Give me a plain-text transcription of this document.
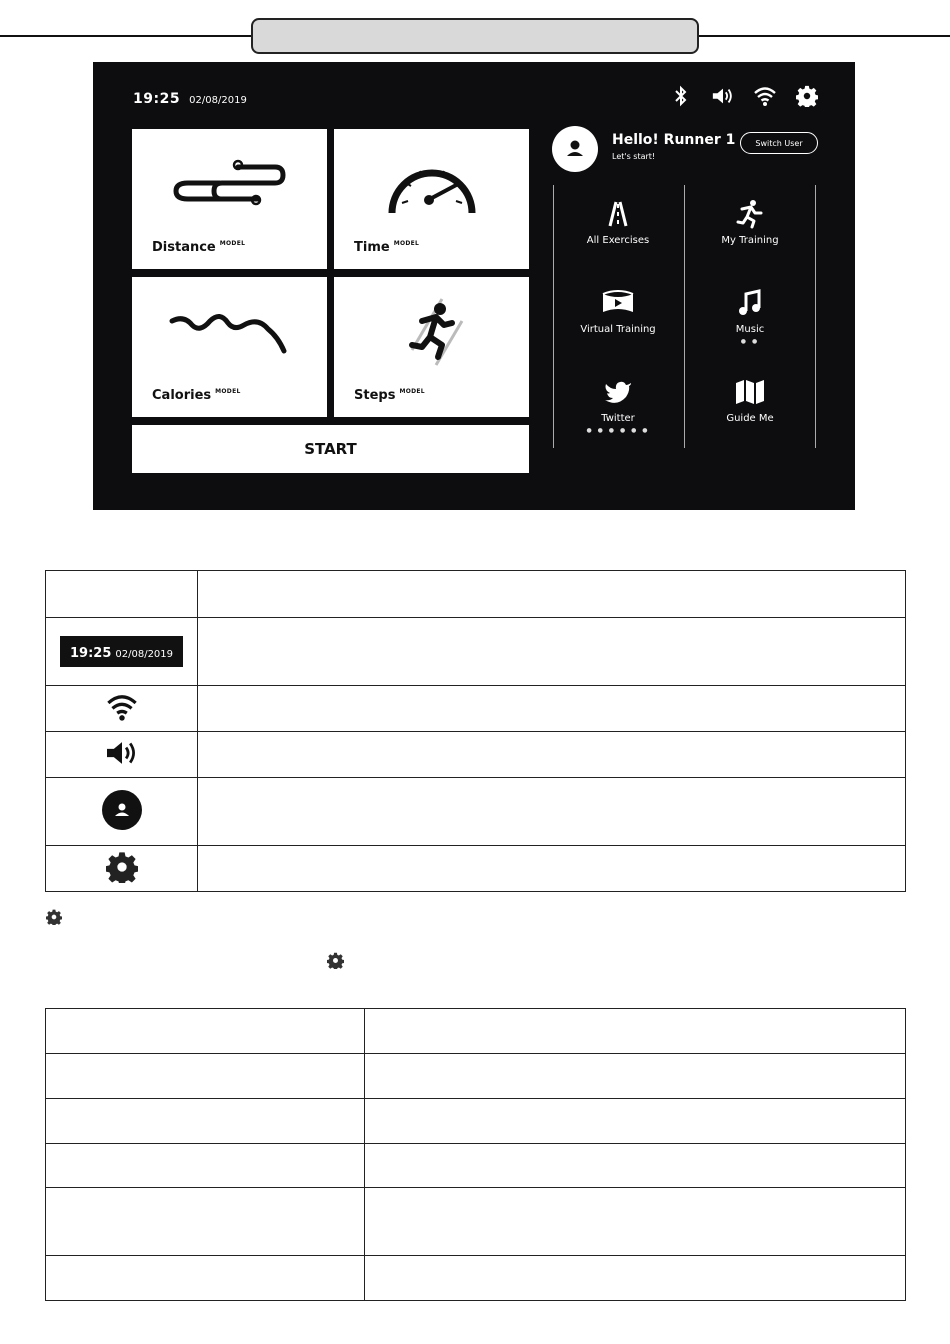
19:25 02/08/2019
Distance $^{MODEL}$	Time $^{MODEL}$
Calories $^{MODEL}$	Steps $^{MODEL}$
START
Hello! Runner 1
Let's start!
Switch User
All Exercises	My Training
Virtual Training	Music
● ●
Twitter
● ● ● ● ● ●
Guide Me

19:25 02/08/2019	
